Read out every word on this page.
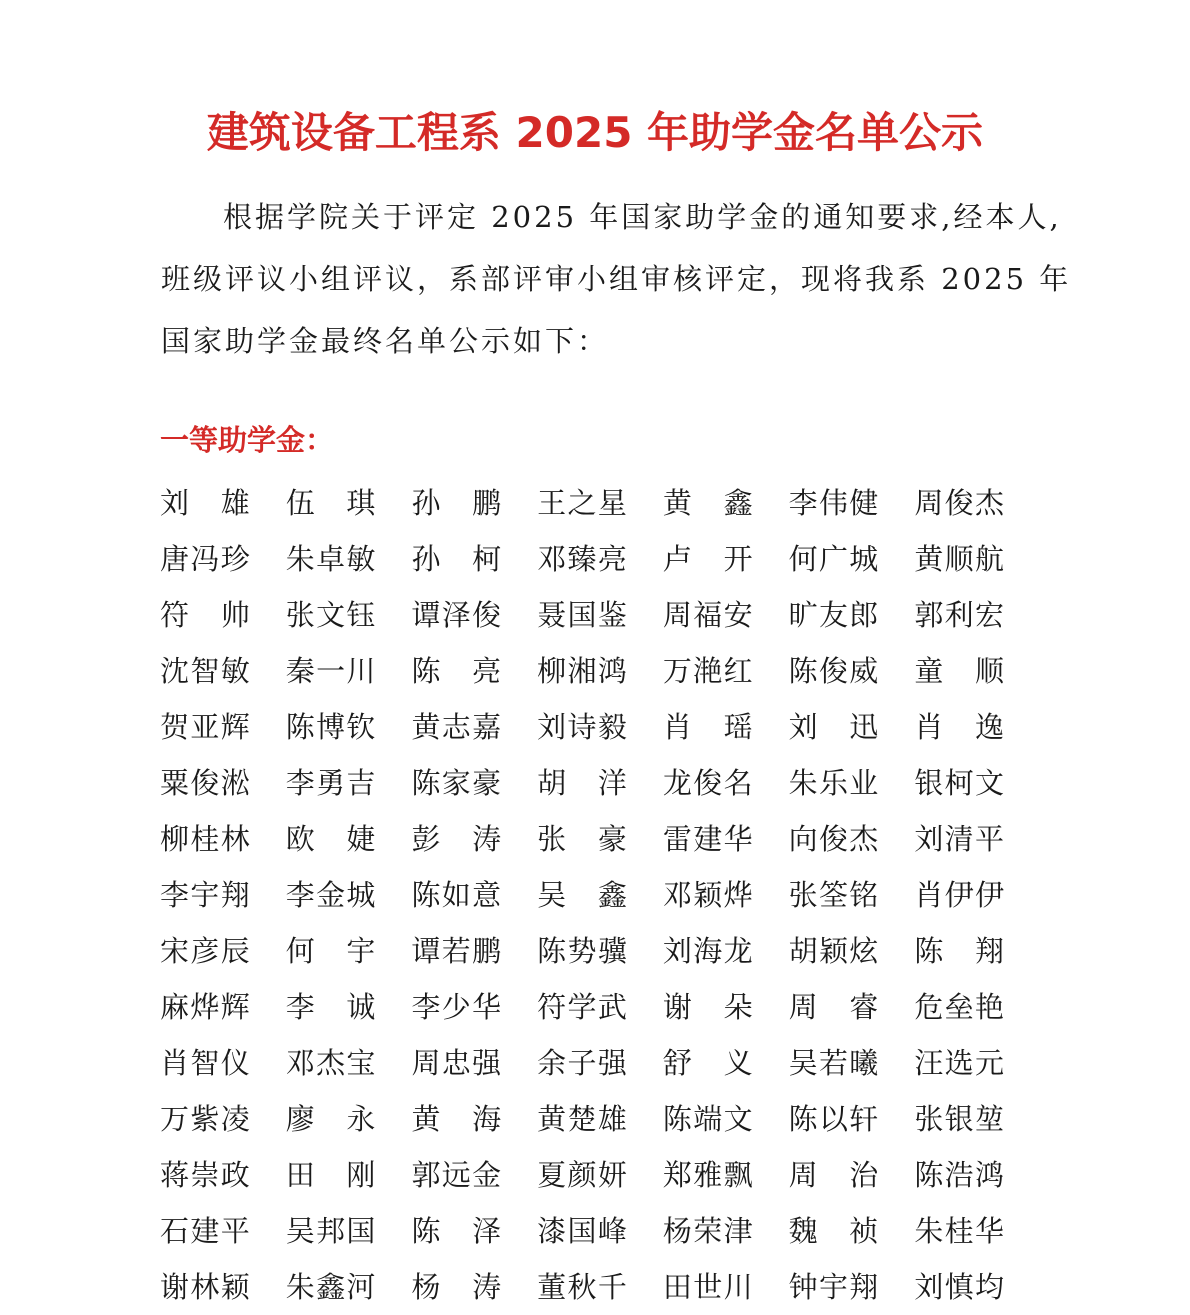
建筑设备工程系 2025 年助学金名单公示
根据学院关于评定 2025 年国家助学金的通知要求,经本人,
班级评议小组评议，系部评审小组审核评定，现将我系 2025 年
国家助学金最终名单公示如下：
一等助学金：
刘 雄 伍 琪 孙 鹏 王 之 星 黄 鑫 李 伟 健 周 俊 杰
唐 冯 珍 朱 卓 敏 孙 柯 邓 臻 亮 卢 开 何 广 城 黄 顺 航
符 帅 张 文 钰 谭 泽 俊 聂 国 鉴 周 福 安 旷 友 郎 郭 利 宏
沈 智 敏 秦 一 川 陈 亮 柳 湘 鸿 万 滟 红 陈 俊 威 童 顺
贺 亚 辉 陈 博 钦 黄 志 嘉 刘 诗 毅 肖 瑶 刘 迅 肖 逸
粟 俊 淞 李 勇 吉 陈 家 豪 胡 洋 龙 俊 名 朱 乐 业 银 柯 文
柳 桂 林 欧 婕 彭 涛 张 豪 雷 建 华 向 俊 杰 刘 清 平
李 宇 翔 李 金 城 陈 如 意 吴 鑫 邓 颖 烨 张 筌 铭 肖 伊 伊
宋 彦 辰 何 宇 谭 若 鹏 陈 势 骥 刘 海 龙 胡 颖 炫 陈 翔
麻 烨 辉 李 诚 李 少 华 符 学 武 谢 朵 周 睿 危 垒 艳
肖 智 仪 邓 杰 宝 周 忠 强 余 子 强 舒 义 吴 若 曦 汪 选 元
万 紫 凌 廖 永 黄 海 黄 楚 雄 陈 端 文 陈 以 轩 张 银 堃
蒋 崇 政 田 刚 郭 远 金 夏 颜 妍 郑 雅 飘 周 治 陈 浩 鸿
石 建 平 吴 邦 国 陈 泽 漆 国 峰 杨 荣 津 魏 祯 朱 桂 华
谢 林 颖 朱 鑫 河 杨 涛 董 秋 千 田 世 川 钟 宇 翔 刘 慎 均
